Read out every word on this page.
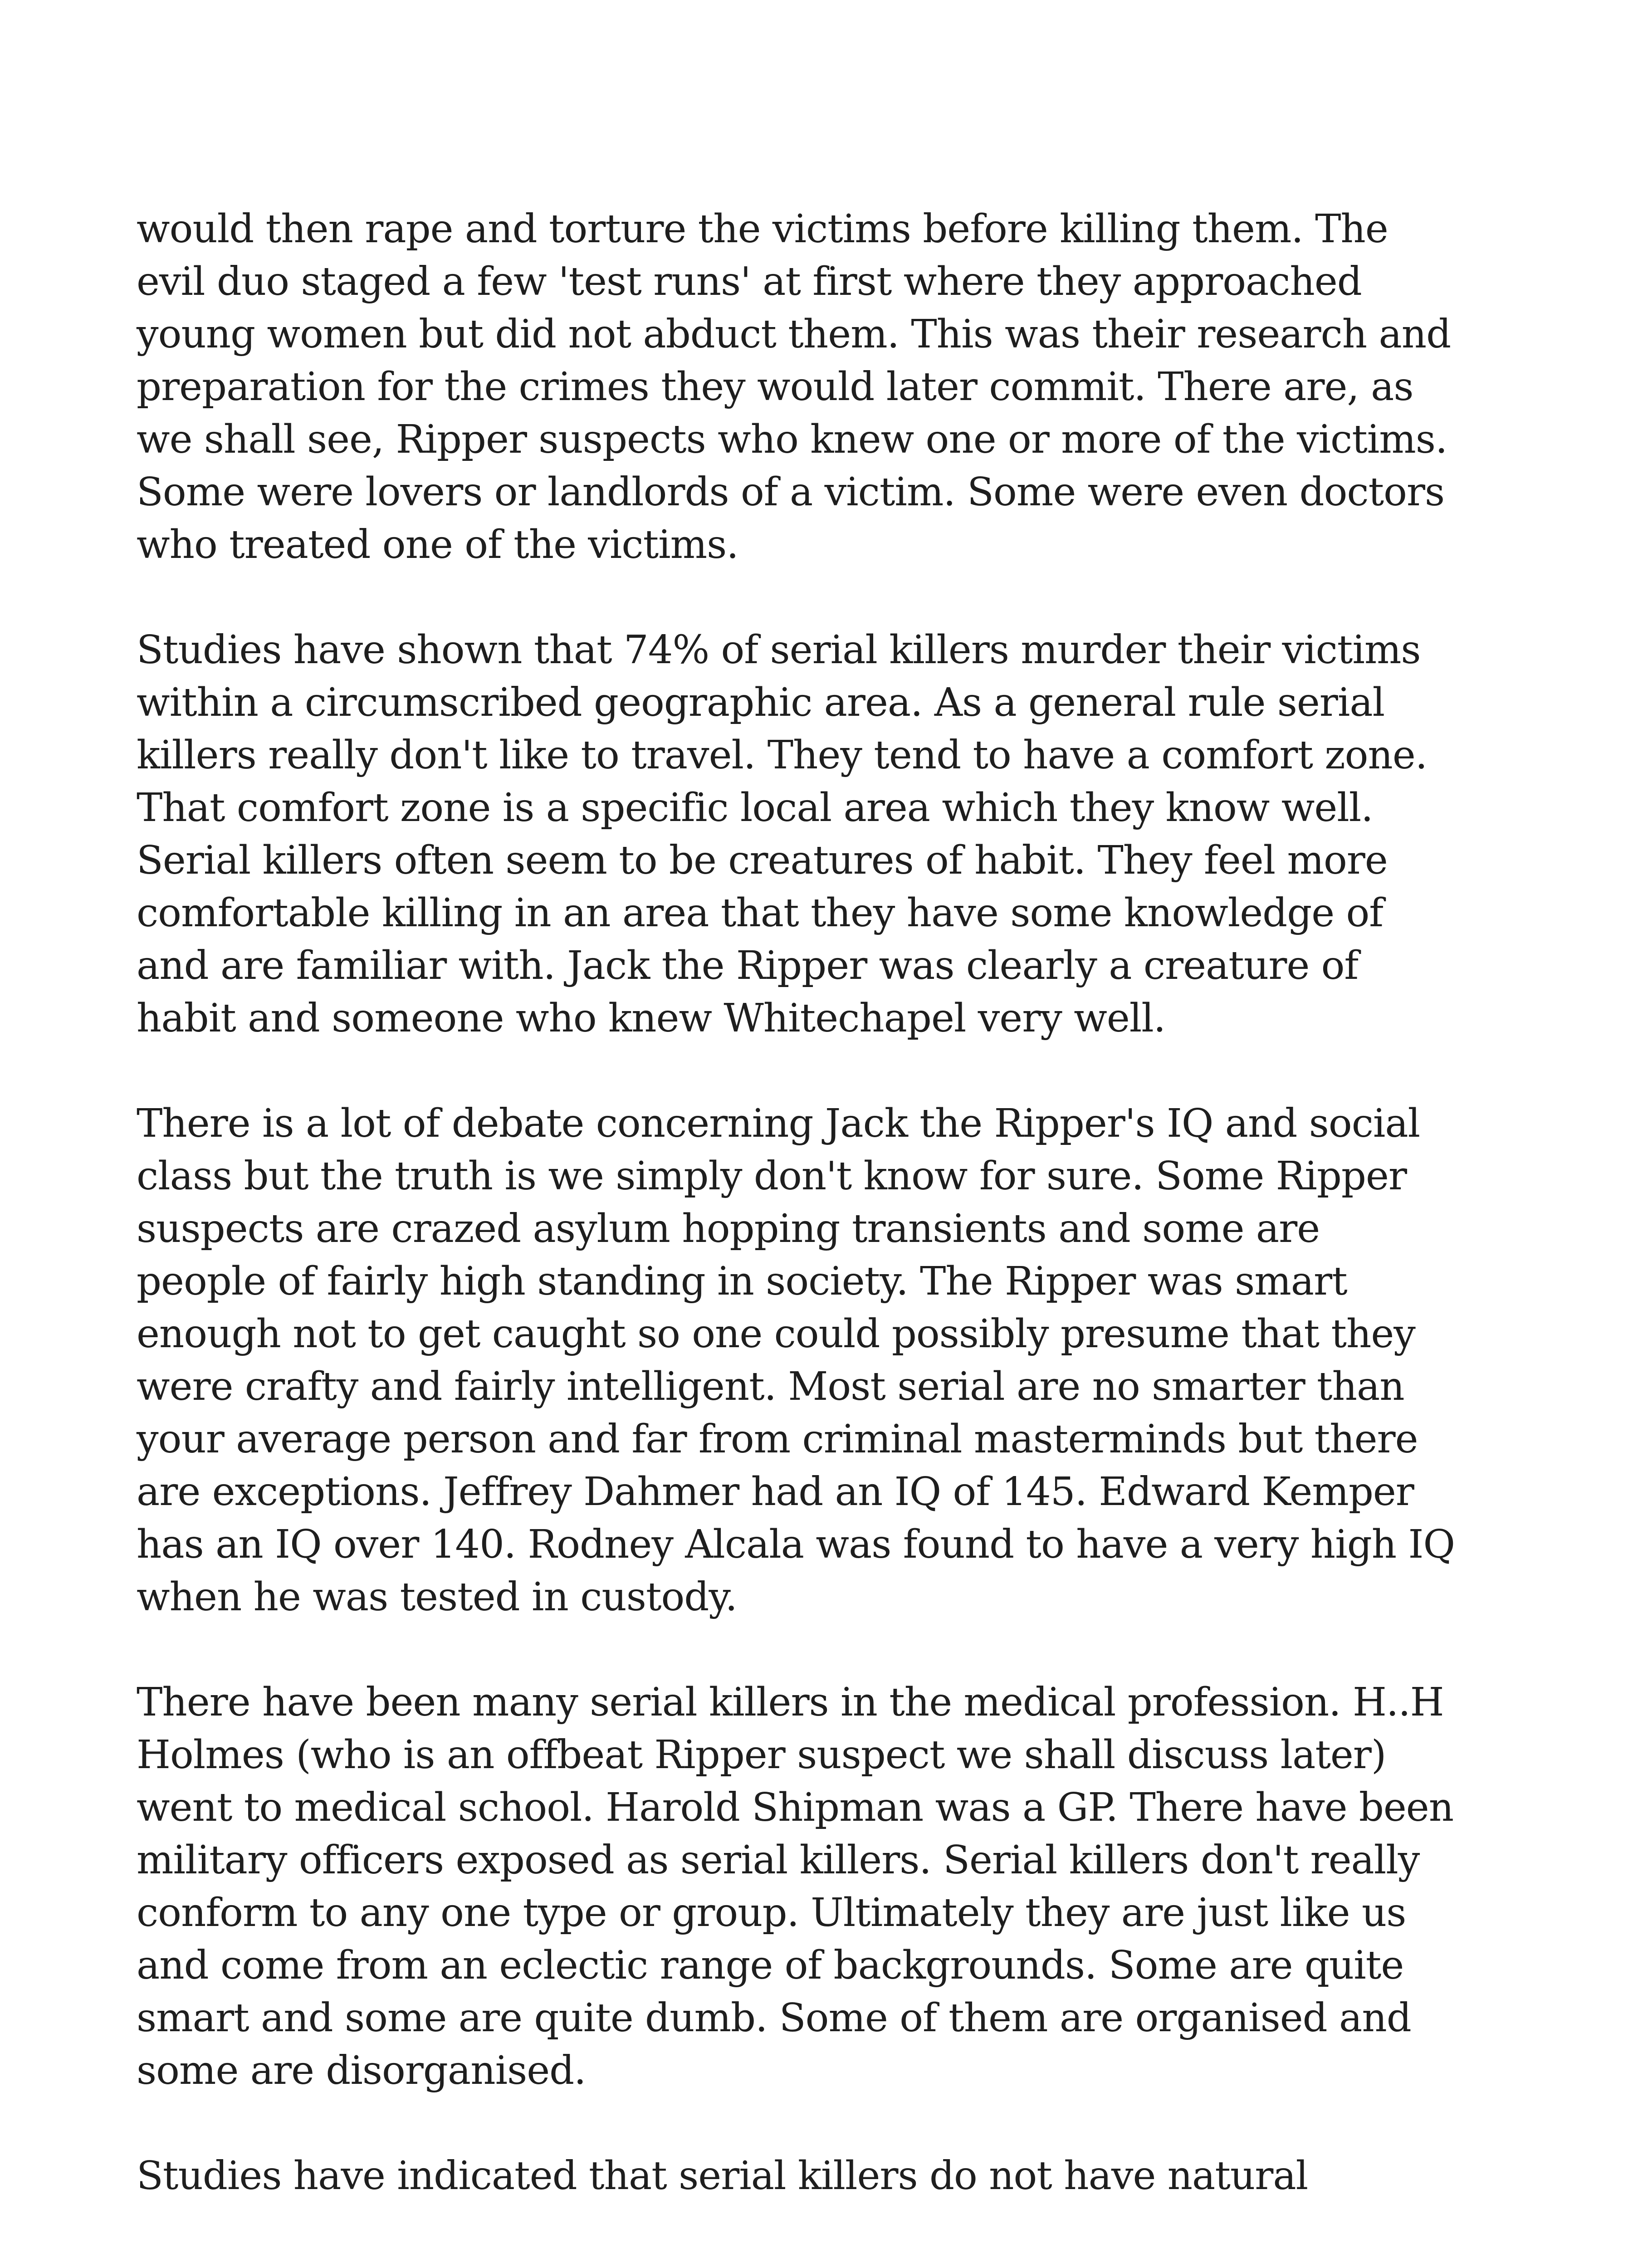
would then rape and torture the victims before killing them. The
evil duo staged a few 'test runs' at first where they approached
young women but did not abduct them. This was their research and
preparation for the crimes they would later commit. There are, as
we shall see, Ripper suspects who knew one or more of the victims.
Some were lovers or landlords of a victim. Some were even doctors
who treated one of the victims.

Studies have shown that 74% of serial killers murder their victims
within a circumscribed geographic area. As a general rule serial
killers really don't like to travel. They tend to have a comfort zone.
That comfort zone is a specific local area which they know well.
Serial killers often seem to be creatures of habit. They feel more
comfortable killing in an area that they have some knowledge of
and are familiar with. Jack the Ripper was clearly a creature of
habit and someone who knew Whitechapel very well.

There is a lot of debate concerning Jack the Ripper's IQ and social
class but the truth is we simply don't know for sure. Some Ripper
suspects are crazed asylum hopping transients and some are
people of fairly high standing in society. The Ripper was smart
enough not to get caught so one could possibly presume that they
were crafty and fairly intelligent. Most serial are no smarter than
your average person and far from criminal masterminds but there
are exceptions. Jeffrey Dahmer had an IQ of 145. Edward Kemper
has an IQ over 140. Rodney Alcala was found to have a very high IQ
when he was tested in custody.

There have been many serial killers in the medical profession. H..H
Holmes (who is an offbeat Ripper suspect we shall discuss later)
went to medical school. Harold Shipman was a GP. There have been
military officers exposed as serial killers. Serial killers don't really
conform to any one type or group. Ultimately they are just like us
and come from an eclectic range of backgrounds. Some are quite
smart and some are quite dumb. Some of them are organised and
some are disorganised.

Studies have indicated that serial killers do not have natural
